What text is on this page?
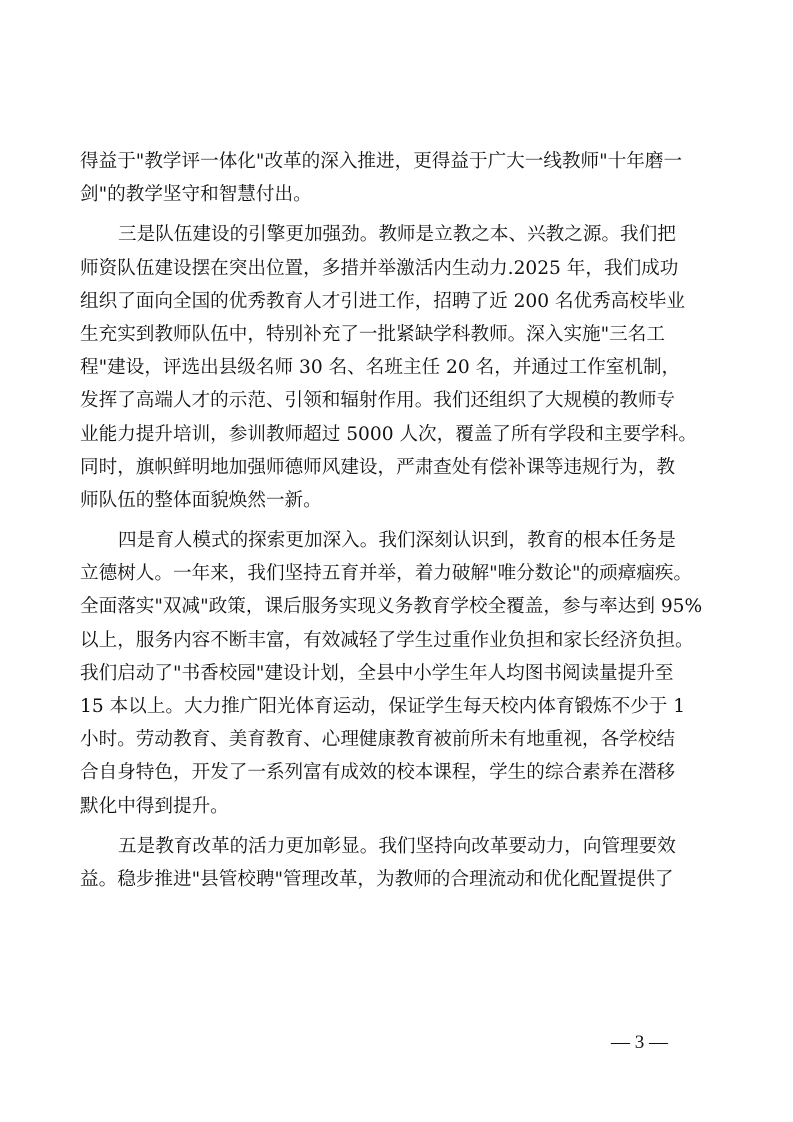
得益于"教学评一体化"改革的深入推进，更得益于广大一线教师"十年磨一
剑"的教学坚守和智慧付出。
三是队伍建设的引擎更加强劲。教师是立教之本、兴教之源。我们把
师资队伍建设摆在突出位置，多措并举激活内生动力.2025 年，我们成功
组织了面向全国的优秀教育人才引进工作，招聘了近 200 名优秀高校毕业
生充实到教师队伍中，特别补充了一批紧缺学科教师。深入实施"三名工
程"建设，评选出县级名师 30 名、名班主任 20 名，并通过工作室机制，
发挥了高端人才的示范、引领和辐射作用。我们还组织了大规模的教师专
业能力提升培训，参训教师超过 5000 人次，覆盖了所有学段和主要学科。
同时，旗帜鲜明地加强师德师风建设，严肃查处有偿补课等违规行为，教
师队伍的整体面貌焕然一新。
四是育人模式的探索更加深入。我们深刻认识到，教育的根本任务是
立德树人。一年来，我们坚持五育并举，着力破解"唯分数论"的顽瘴痼疾。
全面落实"双减"政策，课后服务实现义务教育学校全覆盖，参与率达到 95%
以上，服务内容不断丰富，有效减轻了学生过重作业负担和家长经济负担。
我们启动了"书香校园"建设计划，全县中小学生年人均图书阅读量提升至
15 本以上。大力推广阳光体育运动，保证学生每天校内体育锻炼不少于 1
小时。劳动教育、美育教育、心理健康教育被前所未有地重视，各学校结
合自身特色，开发了一系列富有成效的校本课程，学生的综合素养在潜移
默化中得到提升。
五是教育改革的活力更加彰显。我们坚持向改革要动力，向管理要效
益。稳步推进"县管校聘"管理改革，为教师的合理流动和优化配置提供了
— 3 —
